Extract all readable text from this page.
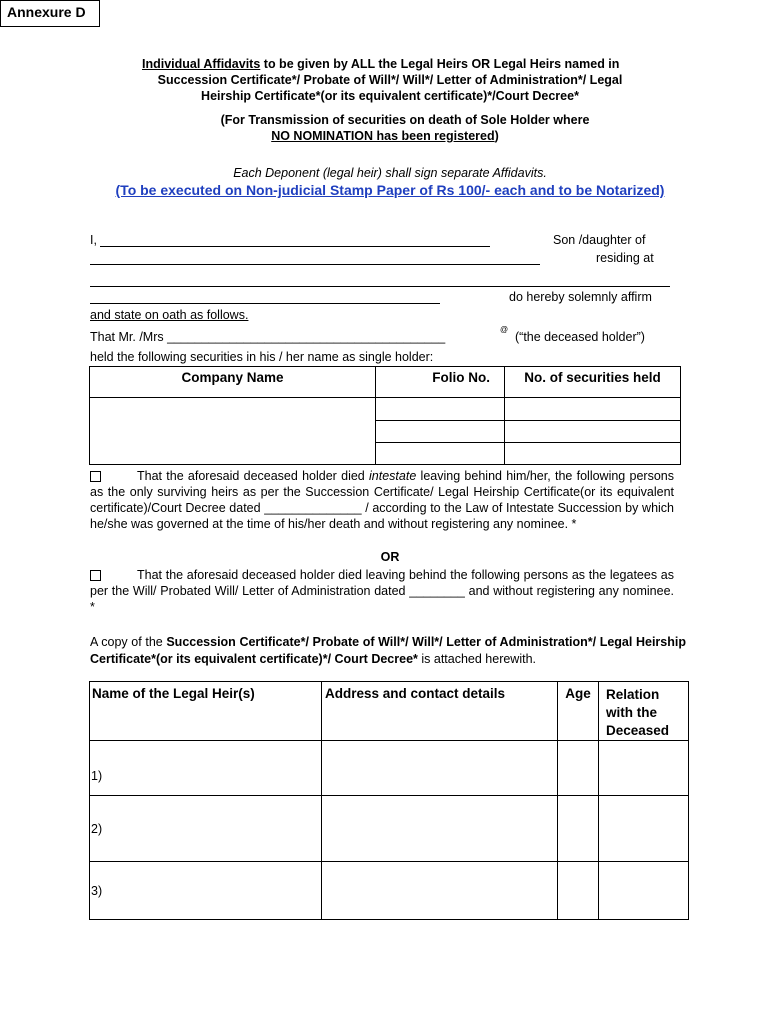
Annexure D
Individual Affidavits to be given by ALL the Legal Heirs OR Legal Heirs named in
Succession Certificate*/ Probate of Will*/ Will*/ Letter of Administration*/ Legal
Heirship Certificate*(or its equivalent certificate)*/Court Decree*
(For Transmission of securities on death of Sole Holder where
NO NOMINATION has been registered)
Each Deponent (legal heir) shall sign separate Affidavits.
(To be executed on Non-judicial Stamp Paper of Rs 100/- each and to be Notarized)
I,	Son /daughter of
residing at
do hereby solemnly affirm
and state on oath as follows.
That Mr. /Mrs ________________________________________
@
(“the deceased holder”)
held the following securities in his / her name as single holder:
Company Name	Folio No.	No. of securities held

That the aforesaid deceased holder died intestate leaving behind him/her, the following persons as the only surviving heirs as per the Succession Certificate/ Legal Heirship Certificate(or its equivalent certificate)/Court Decree dated ______________ / according to the Law of Intestate Succession by which he/she was governed at the time of his/her death and without registering any nominee. *
OR
That the aforesaid deceased holder died leaving behind the following persons as the legatees as per the Will/ Probated Will/ Letter of Administration dated ________ and without registering any nominee. *
A copy of the Succession Certificate*/ Probate of Will*/ Will*/ Letter of Administration*/ Legal Heirship Certificate*(or its equivalent certificate)*/ Court Decree* is attached herewith.
Name of the Legal Heir(s)	Address and contact details	Age	Relation with the Deceased
1)			
2)			
3)			
